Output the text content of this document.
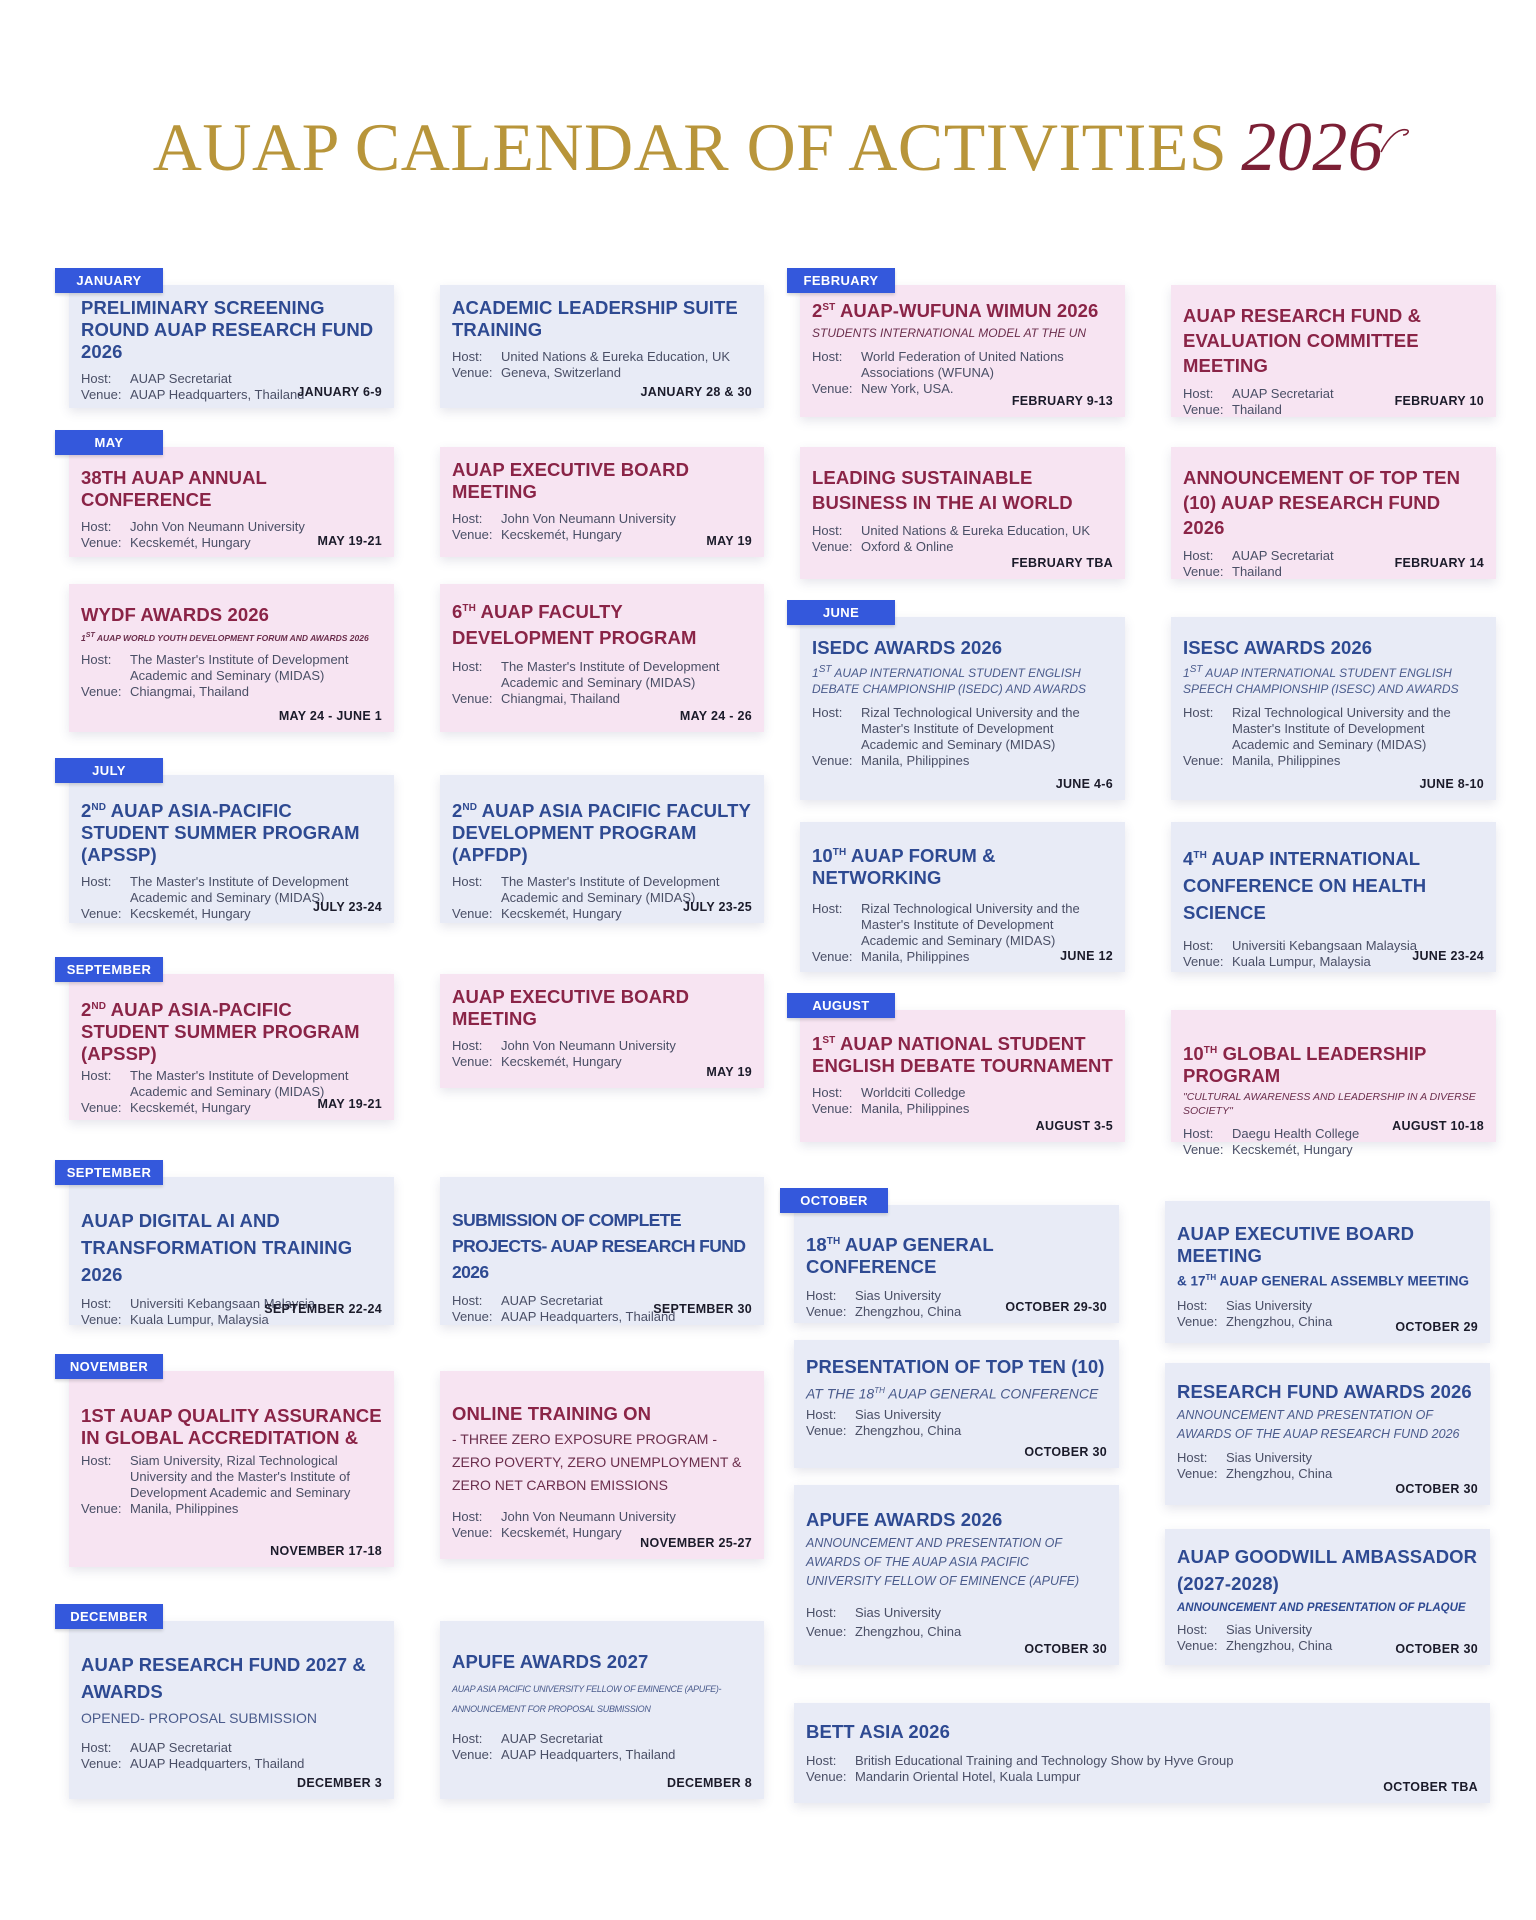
AUAP CALENDAR OF ACTIVITIES 2026
JANUARY	FEBRUARY
MAY
JUNE
JULY
SEPTEMBER
AUGUST
SEPTEMBER
OCTOBER
NOVEMBER
DECEMBER
PRELIMINARY SCREENING ROUND AUAP RESEARCH FUND 2026
Host:	AUAP Secretariat
Venue: AUAP Headquarters, Thailand
JANUARY 6-9
ACADEMIC LEADERSHIP SUITE TRAINING
Host:	United Nations & Eureka Education, UK
Venue: Geneva, Switzerland
JANUARY 28 & 30
2ST AUAP-WUFUNA WIMUN 2026
STUDENTS INTERNATIONAL MODEL AT THE UN
Host:	World Federation of United Nations Associations (WFUNA)
Venue: New York, USA.
FEBRUARY 9-13
AUAP RESEARCH FUND & EVALUATION COMMITTEE MEETING
Host:	AUAP Secretariat
Venue: Thailand
FEBRUARY 10
38TH AUAP ANNUAL CONFERENCE
Host:	John Von Neumann University
Venue: Kecskemét, Hungary	MAY 19-21
AUAP EXECUTIVE BOARD MEETING
Host:	John Von Neumann University
Venue: Kecskemét, Hungary	MAY 19
LEADING SUSTAINABLE BUSINESS IN THE AI WORLD
Host:	United Nations & Eureka Education, UK
Venue: Oxford & Online
FEBRUARY TBA
ANNOUNCEMENT OF TOP TEN (10) AUAP RESEARCH FUND 2026
Host:	AUAP Secretariat
Venue: Thailand
FEBRUARY 14
WYDF AWARDS 2026
1ST AUAP WORLD YOUTH DEVELOPMENT FORUM AND AWARDS 2026
Host:	The Master's Institute of Development Academic and Seminary (MIDAS)
Venue: Chiangmai, Thailand
MAY 24 - JUNE 1
6TH AUAP FACULTY DEVELOPMENT PROGRAM
Host:	The Master's Institute of Development Academic and Seminary (MIDAS)
Venue: Chiangmai, Thailand
MAY 24 - 26
ISEDC AWARDS 2026
1ST AUAP INTERNATIONAL STUDENT ENGLISH DEBATE CHAMPIONSHIP (ISEDC) AND AWARDS
Host:	Rizal Technological University and the Master's Institute of Development Academic and Seminary (MIDAS)
Venue: Manila, Philippines
JUNE 4-6
ISESC AWARDS 2026
1ST AUAP INTERNATIONAL STUDENT ENGLISH SPEECH CHAMPIONSHIP (ISESC) AND AWARDS
Host:	Rizal Technological University and the Master's Institute of Development Academic and Seminary (MIDAS)
Venue: Manila, Philippines
JUNE 8-10
2ND AUAP ASIA-PACIFIC STUDENT SUMMER PROGRAM (APSSP)
Host:	The Master's Institute of Development Academic and Seminary (MIDAS)
Venue: Kecskemét, Hungary	JULY 23-24
2ND AUAP ASIA PACIFIC FACULTY DEVELOPMENT PROGRAM (APFDP)
Host:	The Master's Institute of Development Academic and Seminary (MIDAS)
Venue: Kecskemét, Hungary	JULY 23-25
10TH AUAP FORUM & NETWORKING
Host:	Rizal Technological University and the Master's Institute of Development Academic and Seminary (MIDAS)
Venue: Manila, Philippines	JUNE 12
4TH AUAP INTERNATIONAL CONFERENCE ON HEALTH SCIENCE
Host:	Universiti Kebangsaan Malaysia
Venue: Kuala Lumpur, Malaysia	JUNE 23-24
2ND AUAP ASIA-PACIFIC STUDENT SUMMER PROGRAM (APSSP)
Host:	The Master's Institute of Development Academic and Seminary (MIDAS)
Venue: Kecskemét, Hungary	MAY 19-21
AUAP EXECUTIVE BOARD MEETING
Host:	John Von Neumann University
Venue: Kecskemét, Hungary
MAY 19
1ST AUAP NATIONAL STUDENT ENGLISH DEBATE TOURNAMENT
Host:	Worldciti Colledge
Venue: Manila, Philippines
AUGUST 3-5
10TH GLOBAL LEADERSHIP PROGRAM
"CULTURAL AWARENESS AND LEADERSHIP IN A DIVERSE SOCIETY"
Host:	Daegu Health College
Venue: Kecskemét, Hungary
AUGUST 10-18
AUAP DIGITAL AI AND TRANSFORMATION TRAINING 2026
Host:	Universiti Kebangsaan Malaysia
Venue: Kuala Lumpur, Malaysia
SEPTEMBER 22-24
SUBMISSION OF COMPLETE PROJECTS- AUAP RESEARCH FUND 2026
Host:	AUAP Secretariat
Venue: AUAP Headquarters, Thailand
SEPTEMBER 30
18TH AUAP GENERAL CONFERENCE
Host:	Sias University
Venue: Zhengzhou, China	OCTOBER 29-30
AUAP EXECUTIVE BOARD MEETING
& 17TH AUAP GENERAL ASSEMBLY MEETING
Host:	Sias University
Venue: Zhengzhou, China	OCTOBER 29
1ST AUAP QUALITY ASSURANCE IN GLOBAL ACCREDITATION &
Host:	Siam University, Rizal Technological University and the Master's Institute of Development Academic and Seminary
Venue: Manila, Philippines
NOVEMBER 17-18
ONLINE TRAINING ON
- THREE ZERO EXPOSURE PROGRAM - ZERO POVERTY, ZERO UNEMPLOYMENT & ZERO NET CARBON EMISSIONS
Host:	John Von Neumann University
Venue: Kecskemét, Hungary
NOVEMBER 25-27
PRESENTATION OF TOP TEN (10)
AT THE 18TH AUAP GENERAL CONFERENCE
Host:	Sias University
Venue: Zhengzhou, China
OCTOBER 30
RESEARCH FUND AWARDS 2026
ANNOUNCEMENT AND PRESENTATION OF AWARDS OF THE AUAP RESEARCH FUND 2026
Host:	Sias University
Venue: Zhengzhou, China
OCTOBER 30
APUFE AWARDS 2026
ANNOUNCEMENT AND PRESENTATION OF AWARDS OF THE AUAP ASIA PACIFIC UNIVERSITY FELLOW OF EMINENCE (APUFE)
Host:	Sias University
Venue: Zhengzhou, China
OCTOBER 30
AUAP GOODWILL AMBASSADOR (2027-2028)
ANNOUNCEMENT AND PRESENTATION OF PLAQUE
Host:	Sias University
Venue: Zhengzhou, China	OCTOBER 30
AUAP RESEARCH FUND 2027 & AWARDS
OPENED- PROPOSAL SUBMISSION
Host:	AUAP Secretariat
Venue: AUAP Headquarters, Thailand
DECEMBER 3
APUFE AWARDS 2027
AUAP ASIA PACIFIC UNIVERSITY FELLOW OF EMINENCE (APUFE)- ANNOUNCEMENT FOR PROPOSAL SUBMISSION
Host:	AUAP Secretariat
Venue: AUAP Headquarters, Thailand
DECEMBER 8
BETT ASIA 2026
Host:	British Educational Training and Technology Show by Hyve Group
Venue: Mandarin Oriental Hotel, Kuala Lumpur
OCTOBER TBA
